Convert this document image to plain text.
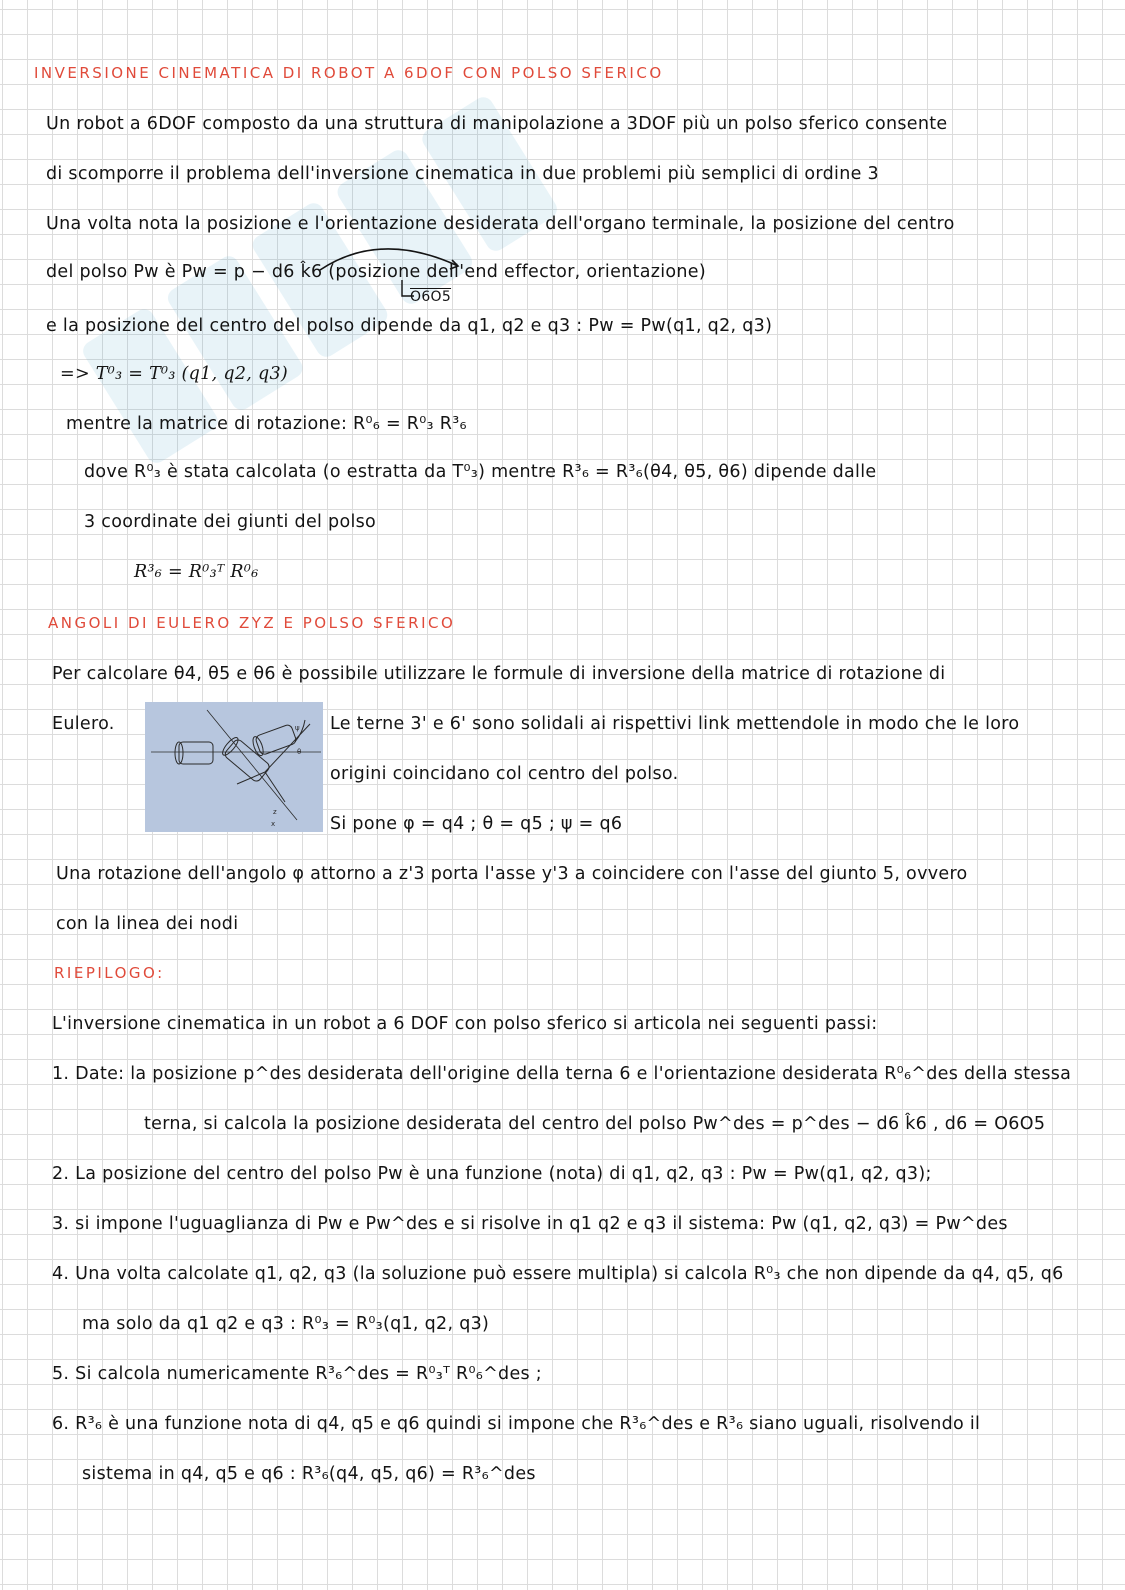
INVERSIONE CINEMATICA DI ROBOT A 6DOF CON POLSO SFERICO
Un robot a 6DOF composto da una struttura di manipolazione a 3DOF più un polso sferico consente
di scomporre il problema dell'inversione cinematica in due problemi più semplici di ordine 3
Una volta nota la posizione e l'orientazione desiderata dell'organo terminale, la posizione del centro
del polso Pw è Pw = p − d6 k̂6 (posizione dell'end effector, orientazione)
O6O5
e la posizione del centro del polso dipende da q1, q2 e q3 : Pw = Pw(q1, q2, q3)
=> T⁰₃ = T⁰₃ (q1, q2, q3)
mentre la matrice di rotazione: R⁰₆ = R⁰₃ R³₆
dove R⁰₃ è stata calcolata (o estratta da T⁰₃) mentre R³₆ = R³₆(θ4, θ5, θ6) dipende dalle
3 coordinate dei giunti del polso
R³₆ = R⁰₃ᵀ R⁰₆
ANGOLI DI EULERO ZYZ E POLSO SFERICO
Per calcolare θ4, θ5 e θ6 è possibile utilizzare le formule di inversione della matrice di rotazione di
Eulero.	ψ
θ
z
x
Le terne 3' e 6' sono solidali ai rispettivi link mettendole in modo che le loro
origini coincidano col centro del polso.
Si pone φ = q4 ; θ = q5 ; ψ = q6
Una rotazione dell'angolo φ attorno a z'3 porta l'asse y'3 a coincidere con l'asse del giunto 5, ovvero
con la linea dei nodi
RIEPILOGO:
L'inversione cinematica in un robot a 6 DOF con polso sferico si articola nei seguenti passi:
1. Date: la posizione p^des desiderata dell'origine della terna 6 e l'orientazione desiderata R⁰₆^des della stessa
terna, si calcola la posizione desiderata del centro del polso Pw^des = p^des − d6 k̂6 , d6 = O6O5
2. La posizione del centro del polso Pw è una funzione (nota) di q1, q2, q3 : Pw = Pw(q1, q2, q3);
3. si impone l'uguaglianza di Pw e Pw^des e si risolve in q1 q2 e q3 il sistema: Pw (q1, q2, q3) = Pw^des
4. Una volta calcolate q1, q2, q3 (la soluzione può essere multipla) si calcola R⁰₃ che non dipende da q4, q5, q6
ma solo da q1 q2 e q3 : R⁰₃ = R⁰₃(q1, q2, q3)
5. Si calcola numericamente R³₆^des = R⁰₃ᵀ R⁰₆^des ;
6. R³₆ è una funzione nota di q4, q5 e q6 quindi si impone che R³₆^des e R³₆ siano uguali, risolvendo il
sistema in q4, q5 e q6 : R³₆(q4, q5, q6) = R³₆^des
